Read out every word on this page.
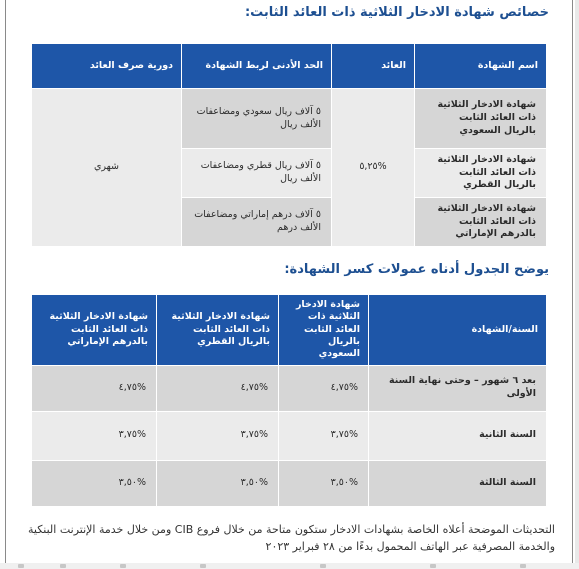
خصائص شهادة الادخار الثلاثية ذات العائد الثابت:
اسم الشهادة	العائد	الحد الأدنى لربط الشهادة	دورية صرف العائد
شهادة الادخار الثلاثية ذات العائد الثابت بالريال السعودي	%٥,٢٥	٥ آلاف ريال سعودي ومضاعفات الألف ريال	شهري
شهادة الادخار الثلاثية ذات العائد الثابت بالريال القطري		٥ آلاف ريال قطري ومضاعفات الألف ريال	
شهادة الادخار الثلاثية ذات العائد الثابت بالدرهم الإماراتي		٥ آلاف درهم إماراتي ومضاعفات الألف درهم	
يوضح الجدول أدناه عمولات كسر الشهادة:
السنة/الشهادة	شهادة الادخار الثلاثية ذات العائد الثابت بالريال السعودي	شهادة الادخار الثلاثية ذات العائد الثابت بالريال القطري	شهادة الادخار الثلاثية ذات العائد الثابت بالدرهم الإماراتي
بعد ٦ شهور – وحتى نهاية السنة الأولى	%٤,٧٥	%٤,٧٥	%٤,٧٥
السنة الثانية	%٣,٧٥	%٣,٧٥	%٣,٧٥
السنة الثالثة	%٣,٥٠	%٣,٥٠	%٣,٥٠
التحديثات الموضحة أعلاه الخاصة بشهادات الادخار ستكون متاحة من خلال فروع CIB ومن خلال خدمة الإنترنت البنكية والخدمة المصرفية عبر الهاتف المحمول بدءًا من ٢٨ فبراير ٢٠٢٣
